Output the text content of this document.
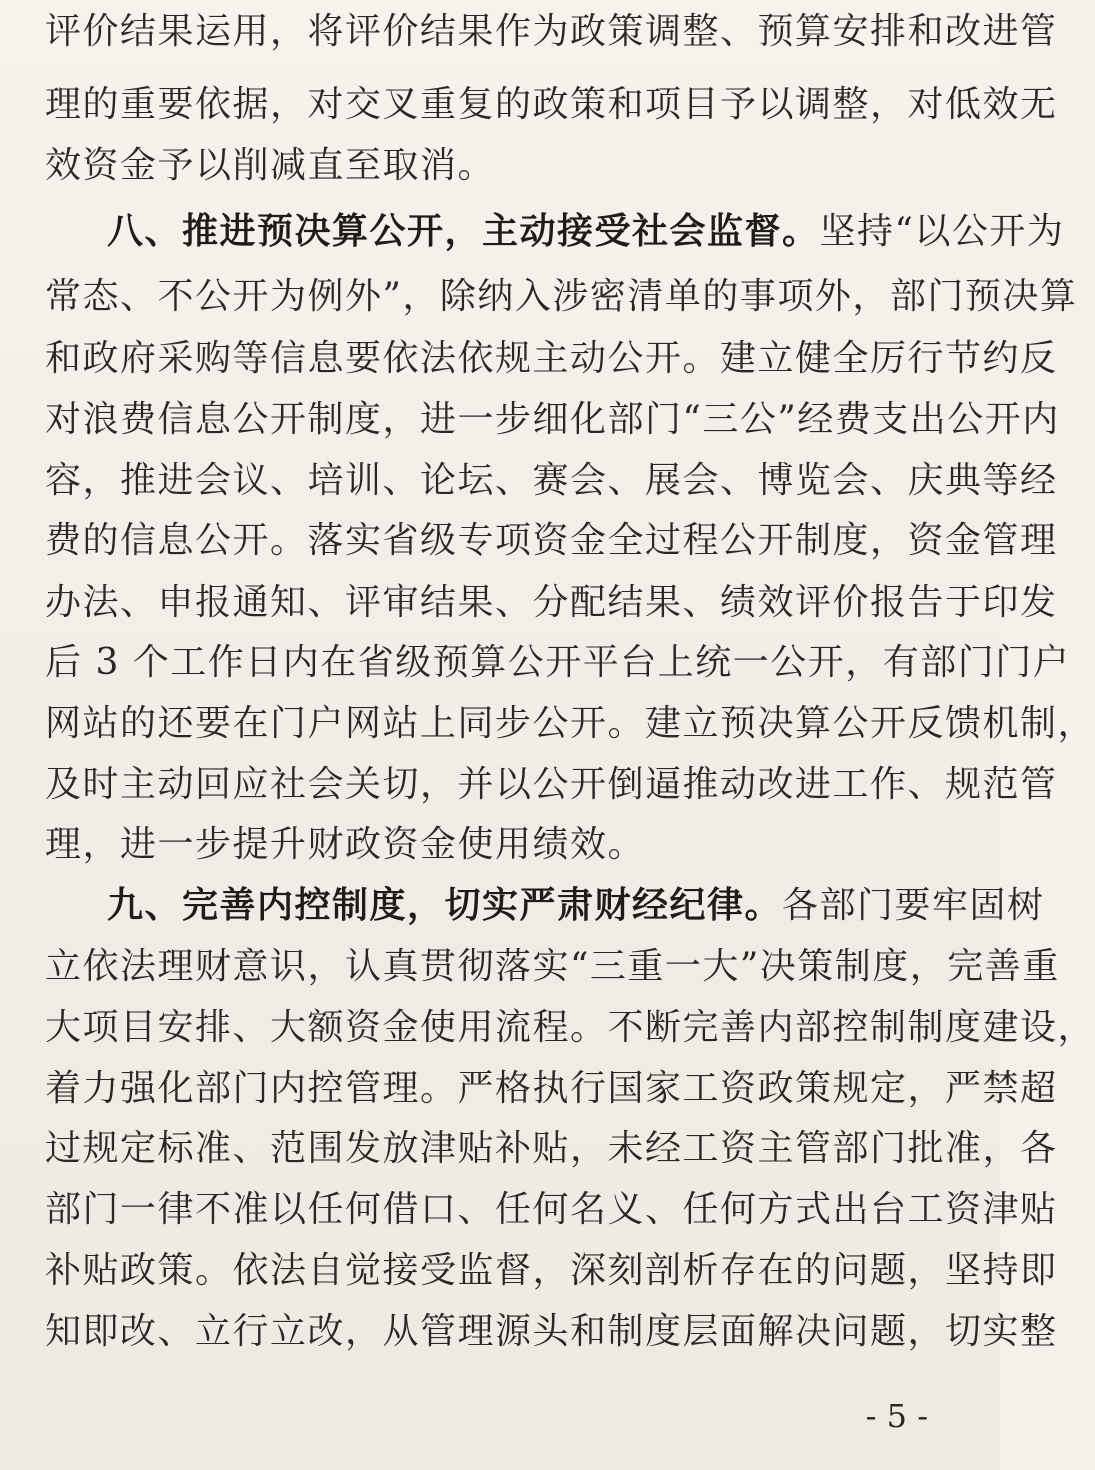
评价结果运用，将评价结果作为政策调整、预算安排和改进管
理的重要依据，对交叉重复的政策和项目予以调整，对低效无
效资金予以削减直至取消。
八、推进预决算公开，主动接受社会监督。坚持“以公开为
常态、不公开为例外”，除纳入涉密清单的事项外，部门预决算
和政府采购等信息要依法依规主动公开。建立健全厉行节约反
对浪费信息公开制度，进一步细化部门“三公”经费支出公开内
容，推进会议、培训、论坛、赛会、展会、博览会、庆典等经
费的信息公开。落实省级专项资金全过程公开制度，资金管理
办法、申报通知、评审结果、分配结果、绩效评价报告于印发
后 3 个工作日内在省级预算公开平台上统一公开，有部门门户
网站的还要在门户网站上同步公开。建立预决算公开反馈机制，
及时主动回应社会关切，并以公开倒逼推动改进工作、规范管
理，进一步提升财政资金使用绩效。
九、完善内控制度，切实严肃财经纪律。各部门要牢固树
立依法理财意识，认真贯彻落实“三重一大”决策制度，完善重
大项目安排、大额资金使用流程。不断完善内部控制制度建设，
着力强化部门内控管理。严格执行国家工资政策规定，严禁超
过规定标准、范围发放津贴补贴，未经工资主管部门批准，各
部门一律不准以任何借口、任何名义、任何方式出台工资津贴
补贴政策。依法自觉接受监督，深刻剖析存在的问题，坚持即
知即改、立行立改，从管理源头和制度层面解决问题，切实整
- 5 -
